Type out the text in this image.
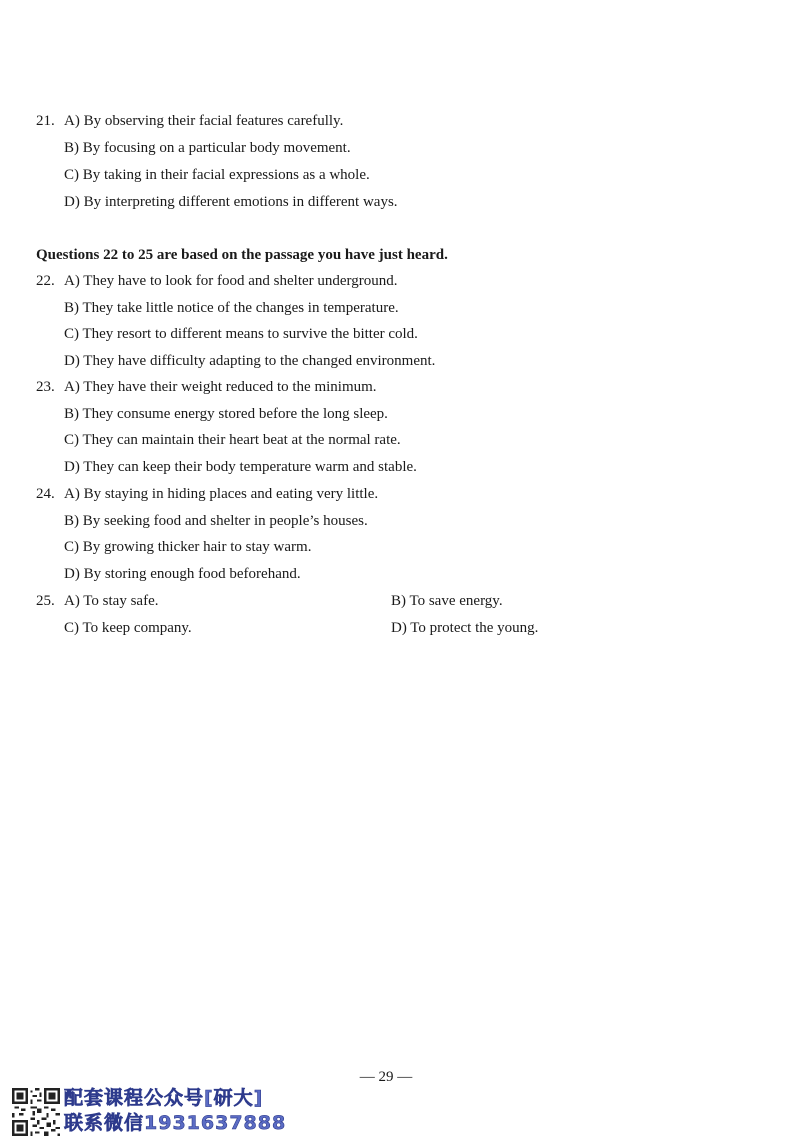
21. A) By observing their facial features carefully.
B) By focusing on a particular body movement.
C) By taking in their facial expressions as a whole.
D) By interpreting different emotions in different ways.
Questions 22 to 25 are based on the passage you have just heard.
22. A) They have to look for food and shelter underground.
B) They take little notice of the changes in temperature.
C) They resort to different means to survive the bitter cold.
D) They have difficulty adapting to the changed environment.
23. A) They have their weight reduced to the minimum.
B) They consume energy stored before the long sleep.
C) They can maintain their heart beat at the normal rate.
D) They can keep their body temperature warm and stable.
24. A) By staying in hiding places and eating very little.
B) By seeking food and shelter in people’s houses.
C) By growing thicker hair to stay warm.
D) By storing enough food beforehand.
25. A) To stay safe.	B) To save energy.
C) To keep company.	D) To protect the young.
— 29 —
配套课程公众号[研大]
联系微信1931637888
